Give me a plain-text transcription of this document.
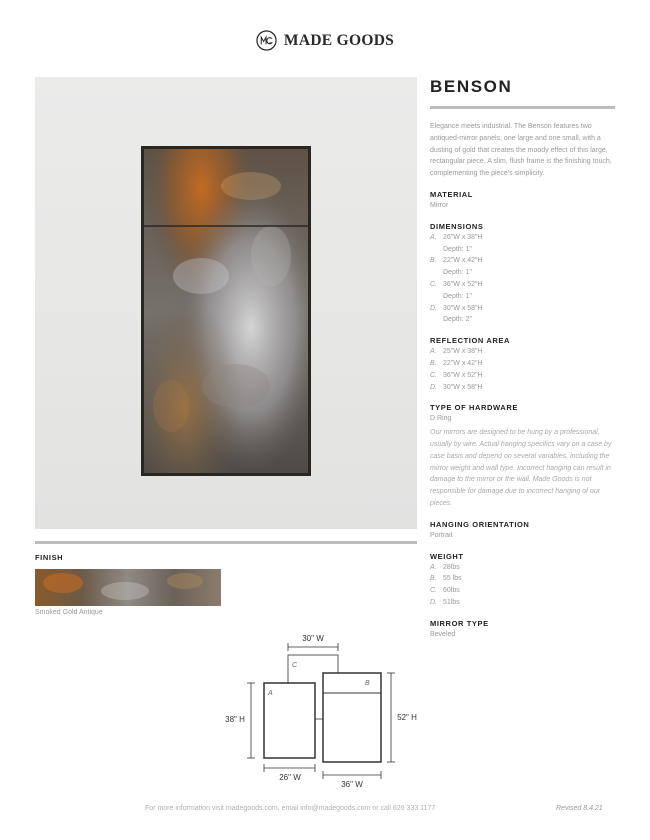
MADE GOODS
FINISH
Smoked Gold Antique
30" W
C
A
B
38" H	52" H
26" W
36" W
BENSON
Elegance meets industrial. The Benson features two antiqued-mirror panels, one large and one small, with a dusting of gold that creates the moody effect of this large, rectangular piece. A slim, flush frame is the finishing touch, complementing the piece's simplicity.
MATERIAL
Mirror
DIMENSIONS
A. 26"W x 38"H
Depth: 1"
B. 22"W x 42"H
Depth: 1"
C. 36"W x 52"H
Depth: 1"
D. 30"W x 58"H
Depth: 2"
REFLECTION AREA
A. 25"W x 38"H
B. 22"W x 42"H
C. 36"W x 52"H
D. 30"W x 58"H
TYPE OF HARDWARE
D Ring
Our mirrors are designed to be hung by a professional, usually by wire. Actual hanging specifics vary on a case by case basis and depend on several variables, including the mirror weight and wall type. Incorrect hanging can result in damage to the mirror or the wall. Made Goods is not responsible for damage due to incorrect hanging of our pieces.
HANGING ORIENTATION
Portrait
WEIGHT
A. 28lbs
B. 55 lbs
C. 60lbs
D. 51lbs
MIRROR TYPE
Beveled
For more information visit madegoods.com, email info@madegoods.com or call 626 333 1177	Revised 8.4.21
